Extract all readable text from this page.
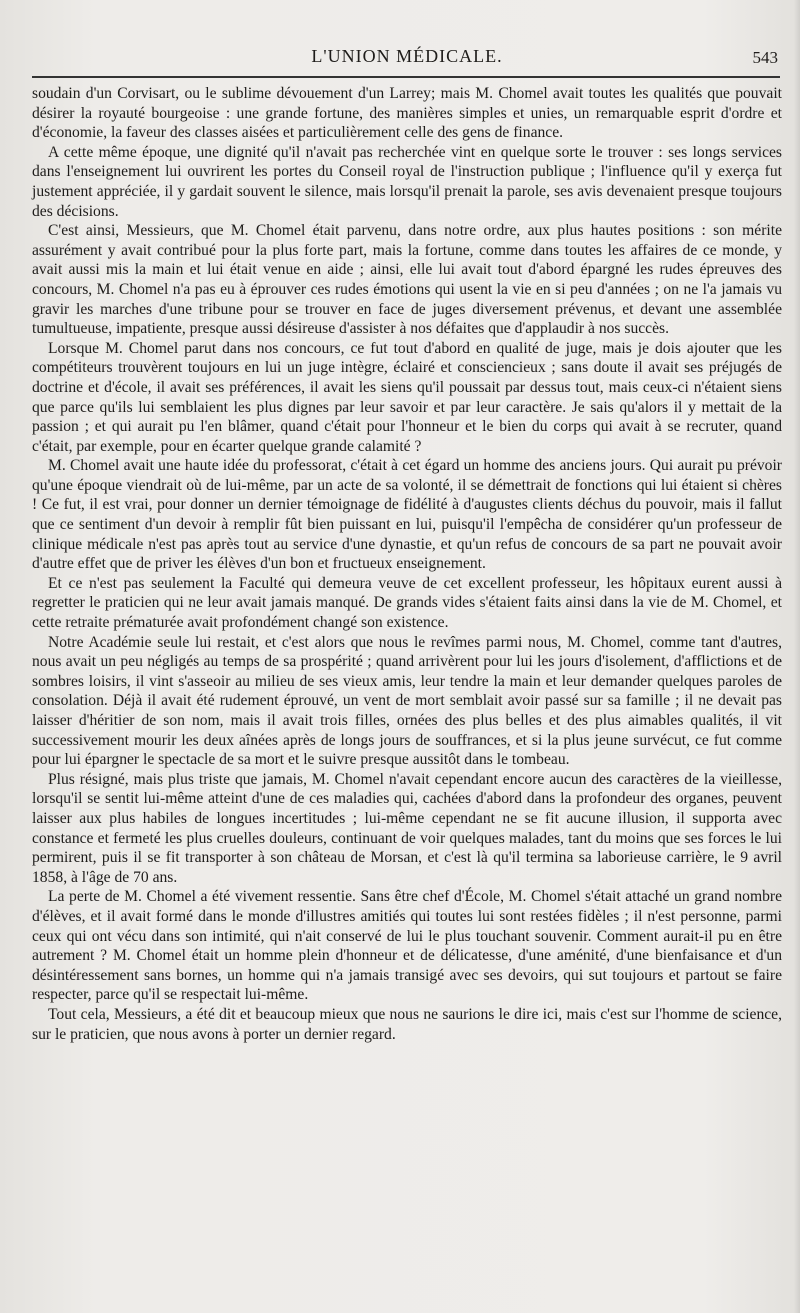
L'UNION MÉDICALE.	543

soudain d'un Corvisart, ou le sublime dévouement d'un Larrey; mais M. Chomel avait toutes les qualités que pouvait désirer la royauté bourgeoise : une grande fortune, des manières simples et unies, un remarquable esprit d'ordre et d'économie, la faveur des classes aisées et particulièrement celle des gens de finance.

A cette même époque, une dignité qu'il n'avait pas recherchée vint en quelque sorte le trouver : ses longs services dans l'enseignement lui ouvrirent les portes du Conseil royal de l'instruction publique ; l'influence qu'il y exerça fut justement appréciée, il y gardait souvent le silence, mais lorsqu'il prenait la parole, ses avis devenaient presque toujours des décisions.

C'est ainsi, Messieurs, que M. Chomel était parvenu, dans notre ordre, aux plus hautes positions : son mérite assurément y avait contribué pour la plus forte part, mais la fortune, comme dans toutes les affaires de ce monde, y avait aussi mis la main et lui était venue en aide ; ainsi, elle lui avait tout d'abord épargné les rudes épreuves des concours, M. Chomel n'a pas eu à éprouver ces rudes émotions qui usent la vie en si peu d'années ; on ne l'a jamais vu gravir les marches d'une tribune pour se trouver en face de juges diversement prévenus, et devant une assemblée tumultueuse, impatiente, presque aussi désireuse d'assister à nos défaites que d'applaudir à nos succès.

Lorsque M. Chomel parut dans nos concours, ce fut tout d'abord en qualité de juge, mais je dois ajouter que les compétiteurs trouvèrent toujours en lui un juge intègre, éclairé et consciencieux ; sans doute il avait ses préjugés de doctrine et d'école, il avait ses préférences, il avait les siens qu'il poussait par dessus tout, mais ceux-ci n'étaient siens que parce qu'ils lui semblaient les plus dignes par leur savoir et par leur caractère. Je sais qu'alors il y mettait de la passion ; et qui aurait pu l'en blâmer, quand c'était pour l'honneur et le bien du corps qui avait à se recruter, quand c'était, par exemple, pour en écarter quelque grande calamité ?

M. Chomel avait une haute idée du professorat, c'était à cet égard un homme des anciens jours. Qui aurait pu prévoir qu'une époque viendrait où de lui-même, par un acte de sa volonté, il se démettrait de fonctions qui lui étaient si chères ! Ce fut, il est vrai, pour donner un dernier témoignage de fidélité à d'augustes clients déchus du pouvoir, mais il fallut que ce sentiment d'un devoir à remplir fût bien puissant en lui, puisqu'il l'empêcha de considérer qu'un professeur de clinique médicale n'est pas après tout au service d'une dynastie, et qu'un refus de concours de sa part ne pouvait avoir d'autre effet que de priver les élèves d'un bon et fructueux enseignement.

Et ce n'est pas seulement la Faculté qui demeura veuve de cet excellent professeur, les hôpitaux eurent aussi à regretter le praticien qui ne leur avait jamais manqué. De grands vides s'étaient faits ainsi dans la vie de M. Chomel, et cette retraite prématurée avait profondément changé son existence.

Notre Académie seule lui restait, et c'est alors que nous le revîmes parmi nous, M. Chomel, comme tant d'autres, nous avait un peu négligés au temps de sa prospérité ; quand arrivèrent pour lui les jours d'isolement, d'afflictions et de sombres loisirs, il vint s'asseoir au milieu de ses vieux amis, leur tendre la main et leur demander quelques paroles de consolation. Déjà il avait été rudement éprouvé, un vent de mort semblait avoir passé sur sa famille ; il ne devait pas laisser d'héritier de son nom, mais il avait trois filles, ornées des plus belles et des plus aimables qualités, il vit successivement mourir les deux aînées après de longs jours de souffrances, et si la plus jeune survécut, ce fut comme pour lui épargner le spectacle de sa mort et le suivre presque aussitôt dans le tombeau.

Plus résigné, mais plus triste que jamais, M. Chomel n'avait cependant encore aucun des caractères de la vieillesse, lorsqu'il se sentit lui-même atteint d'une de ces maladies qui, cachées d'abord dans la profondeur des organes, peuvent laisser aux plus habiles de longues incertitudes ; lui-même cependant ne se fit aucune illusion, il supporta avec constance et fermeté les plus cruelles douleurs, continuant de voir quelques malades, tant du moins que ses forces le lui permirent, puis il se fit transporter à son château de Morsan, et c'est là qu'il termina sa laborieuse carrière, le 9 avril 1858, à l'âge de 70 ans.

La perte de M. Chomel a été vivement ressentie. Sans être chef d'École, M. Chomel s'était attaché un grand nombre d'élèves, et il avait formé dans le monde d'illustres amitiés qui toutes lui sont restées fidèles ; il n'est personne, parmi ceux qui ont vécu dans son intimité, qui n'ait conservé de lui le plus touchant souvenir. Comment aurait-il pu en être autrement ? M. Chomel était un homme plein d'honneur et de délicatesse, d'une aménité, d'une bienfaisance et d'un désintéressement sans bornes, un homme qui n'a jamais transigé avec ses devoirs, qui sut toujours et partout se faire respecter, parce qu'il se respectait lui-même.

Tout cela, Messieurs, a été dit et beaucoup mieux que nous ne saurions le dire ici, mais c'est sur l'homme de science, sur le praticien, que nous avons à porter un dernier regard.
